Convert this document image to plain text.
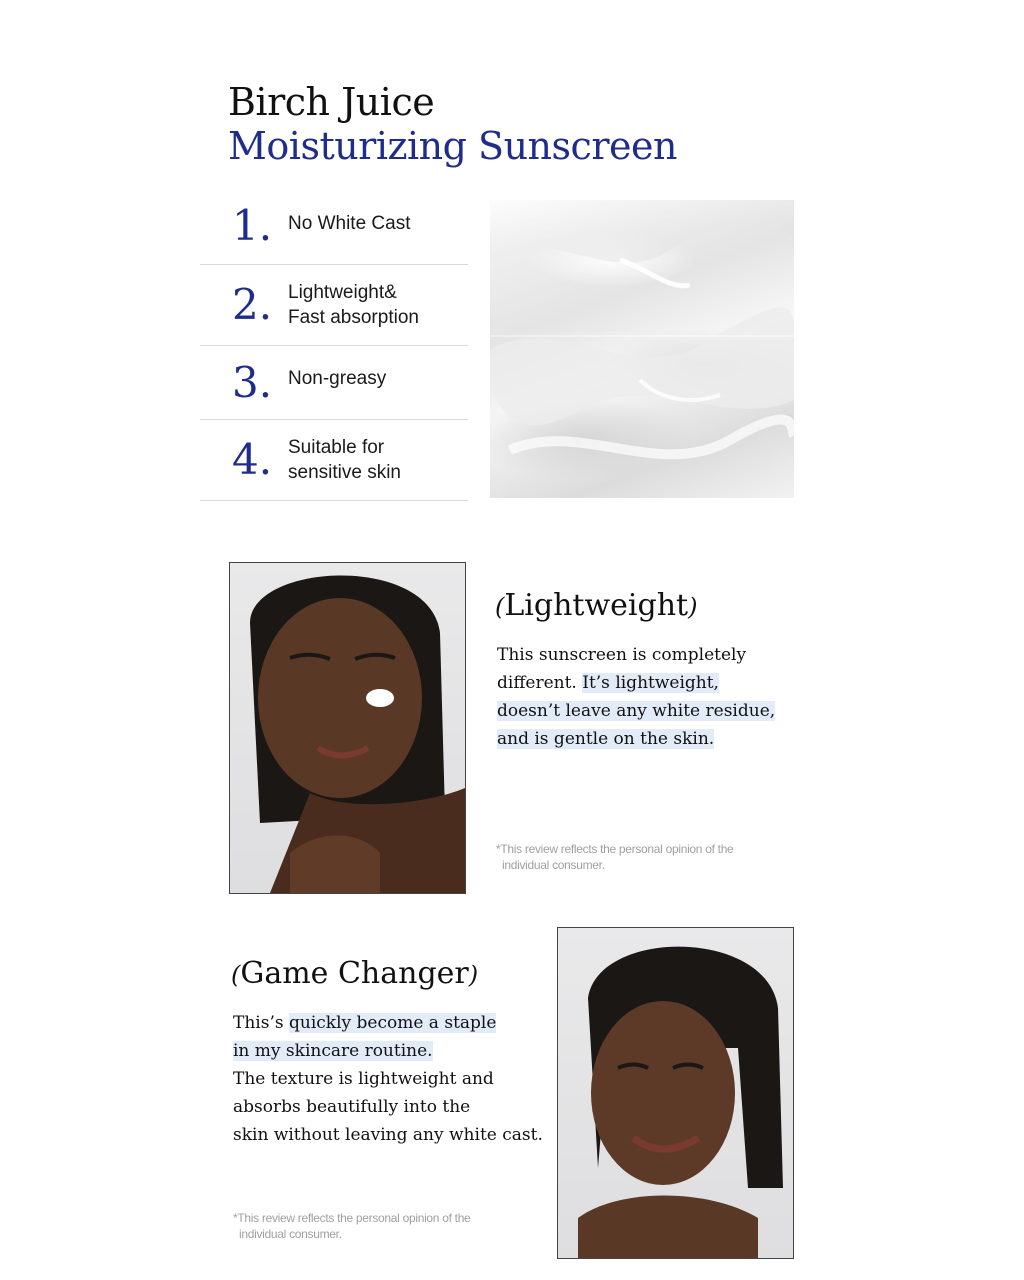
Birch Juice
Moisturizing Sunscreen
1. No White Cast
2. Lightweight&
Fast absorption
3. Non-greasy
4. Suitable for
sensitive skin
(Lightweight)
This sunscreen is completely
different. It’s lightweight,
doesn’t leave any white residue,
and is gentle on the skin.
*This review reflects the personal opinion of the
individual consumer.
(Game Changer)
This’s quickly become a staple
in my skincare routine.
The texture is lightweight and
absorbs beautifully into the
skin without leaving any white cast.
*This review reflects the personal opinion of the
individual consumer.
